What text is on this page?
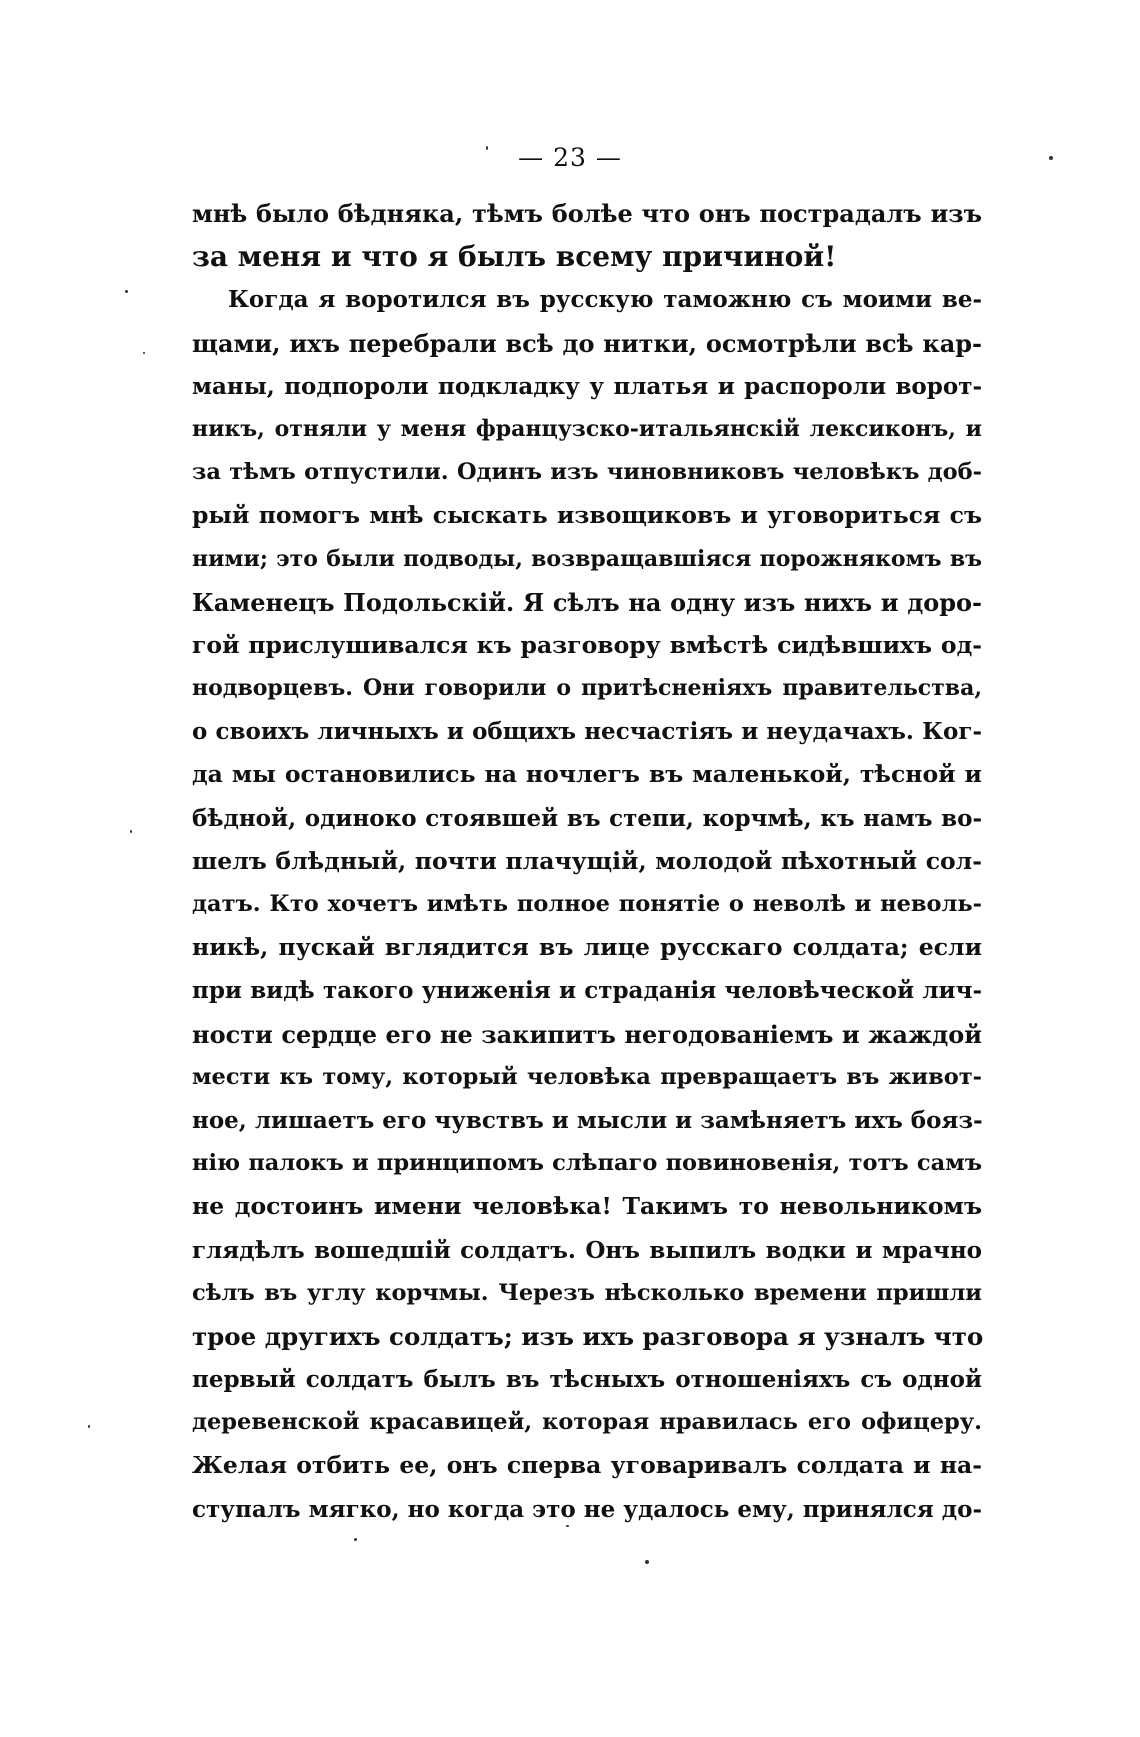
— 23 —
мнѣ было бѣдняка, тѣмъ болѣе что онъ пострадалъ изъ
за меня и что я былъ всему причиной!
Когда я воротился въ русскую таможню съ моими ве-
щами, ихъ перебрали всѣ до нитки, осмотрѣли всѣ кар-
маны, подпороли подкладку у платья и распороли ворот-
никъ, отняли у меня французско-итальянскій лексиконъ, и
за тѣмъ отпустили. Одинъ изъ чиновниковъ человѣкъ доб-
рый помогъ мнѣ сыскать извощиковъ и уговориться съ
ними; это были подводы, возвращавшіяся порожнякомъ въ
Каменецъ Подольскій. Я сѣлъ на одну изъ нихъ и доро-
гой прислушивался къ разговору вмѣстѣ сидѣвшихъ од-
нодворцевъ. Они говорили о притѣсненіяхъ правительства,
о своихъ личныхъ и общихъ несчастіяъ и неудачахъ. Ког-
да мы остановились на ночлегъ въ маленькой, тѣсной и
бѣдной, одиноко стоявшей въ степи, корчмѣ, къ намъ во-
шелъ блѣдный, почти плачущій, молодой пѣхотный сол-
датъ. Кто хочетъ имѣть полное понятіе о неволѣ и неволь-
никѣ, пускай вглядится въ лице русскаго солдата; если
при видѣ такого униженія и страданія человѣческой лич-
ности сердце его не закипитъ негодованіемъ и жаждой
мести къ тому, который человѣка превращаетъ въ живот-
ное, лишаетъ его чувствъ и мысли и замѣняетъ ихъ бояз-
нію палокъ и принципомъ слѣпаго повиновенія, тотъ самъ
не достоинъ имени человѣка! Такимъ то невольникомъ
глядѣлъ вошедшій солдатъ. Онъ выпилъ водки и мрачно
сѣлъ въ углу корчмы. Черезъ нѣсколько времени пришли
трое другихъ солдатъ; изъ ихъ разговора я узналъ что
первый солдатъ былъ въ тѣсныхъ отношеніяхъ съ одной
деревенской красавицей, которая нравилась его офицеру.
Желая отбить ее, онъ сперва уговаривалъ солдата и на-
ступалъ мягко, но когда это не удалось ему, принялся до-
